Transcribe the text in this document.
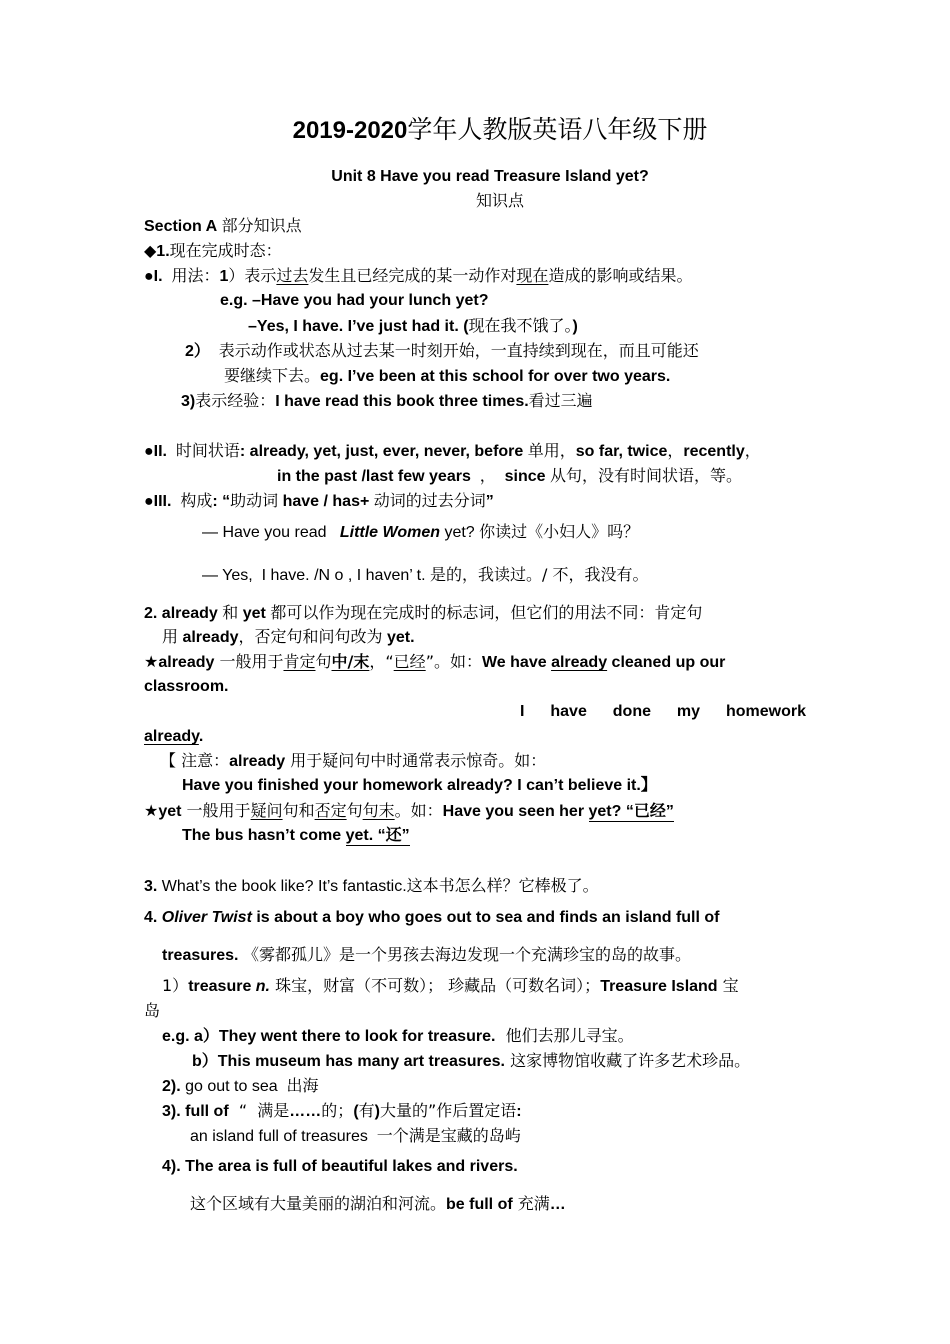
2019-2020学年人教版英语八年级下册
Unit 8 Have you read Treasure Island yet?
知识点
Section A 部分知识点
◆1.现在完成时态：
●I. 用法：1）表示过去发生且已经完成的某一动作对现在造成的影响或结果。
e.g. –Have you had your lunch yet?
–Yes, I have. I’ve just had it. (现在我不饿了。)
2） 表示动作或状态从过去某一时刻开始，一直持续到现在，而且可能还
要继续下去。eg. I’ve been at this school for over two years.
3)表示经验：I have read this book three times.看过三遍
●II. 时间状语: already, yet, just, ever, never, before 单用，so far, twice，recently，
in the past /last few years ， since 从句，没有时间状语，等。
●III. 构成: “助动词 have / has+ 动词的过去分词”
— Have you read   Little Women yet? 你读过《小妇人》吗？
— Yes,  I have. /N o , I haven’ t. 是的，我读过。/ 不，我没有。
2. already 和 yet 都可以作为现在完成时的标志词，但它们的用法不同：肯定句
用 already，否定句和问句改为 yet.
★already 一般用于肯定句中/末，“已经”。如：We have already cleaned up our
classroom.
I have done my homework
already.
【 注意：already 用于疑问句中时通常表示惊奇。如：
Have you finished your homework already? I can’t believe it.】
★yet 一般用于疑问句和否定句句末。如：Have you seen her yet? “已经”
The bus hasn’t come yet. “还”
3. What’s the book like? It’s fantastic.这本书怎么样？它棒极了。
4. Oliver Twist is about a boy who goes out to sea and finds an island full of
treasures. 《雾都孤儿》是一个男孩去海边发现一个充满珍宝的岛的故事。
1）treasure n. 珠宝，财富（不可数）； 珍藏品（可数名词）；Treasure Island 宝
岛
e.g. a）They went there to look for treasure.  他们去那儿寻宝。
b）This museum has many art treasures. 这家博物馆收藏了许多艺术珍品。
2). go out to sea  出海
3). full of  “  满是……的；(有)大量的”作后置定语:
an island full of treasures  一个满是宝藏的岛屿
4). The area is full of beautiful lakes and rivers.
这个区域有大量美丽的湖泊和河流。be full of 充满…
